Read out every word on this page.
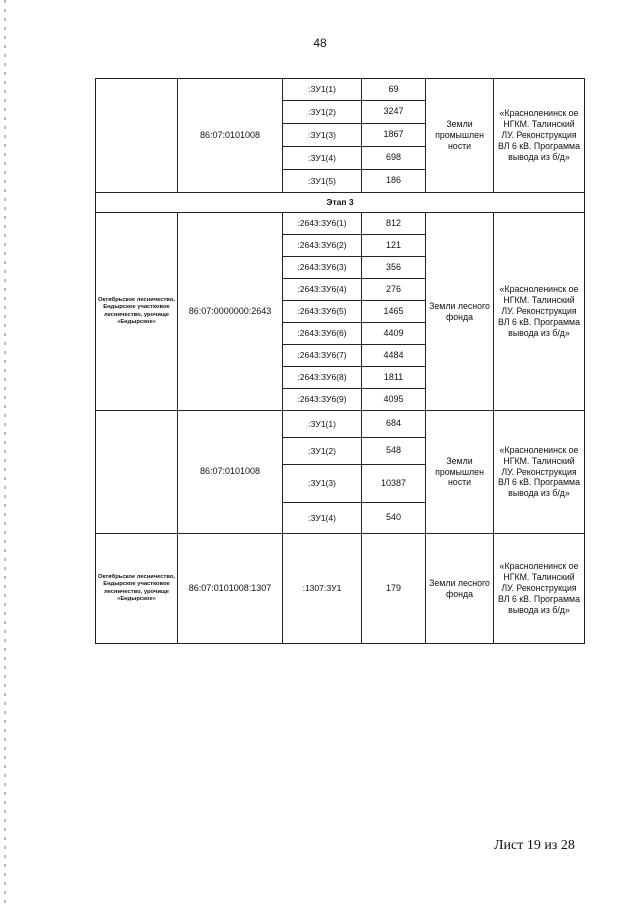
48
	86:07:0101008	:ЗУ1(1)	69	Земли промышлен ности	«Красноленинск ое НГКМ. Талинский ЛУ. Реконструкция ВЛ 6 кВ. Программа вывода из б/д»
		:ЗУ1(2)	3247		
		:ЗУ1(3)	1867		
		:ЗУ1(4)	698		
		:ЗУ1(5)	186		
Этап 3					
Октябрьское лесничество, Ендырское участковое лесничество, урочище «Ендырское»	86:07:0000000:2643	:2643:ЗУ6(1)	812	Земли лесного фонда	«Красноленинск ое НГКМ. Талинский ЛУ. Реконструкция ВЛ 6 кВ. Программа вывода из б/д»
		:2643:ЗУ6(2)	121		
		:2643:ЗУ6(3)	356		
		:2643:ЗУ6(4)	276		
		:2643:ЗУ6(5)	1465		
		:2643:ЗУ6(6)	4409		
		:2643:ЗУ6(7)	4484		
		:2643:ЗУ6(8)	1811		
		:2643:ЗУ6(9)	4095		
	86:07:0101008	:ЗУ1(1)	684	Земли промышлен ности	«Красноленинск ое НГКМ. Талинский ЛУ. Реконструкция ВЛ 6 кВ. Программа вывода из б/д»
		:ЗУ1(2)	548		
		:ЗУ1(3)	10387		
		:ЗУ1(4)	540		
Октябрьское лесничество, Ендырское участковое лесничество, урочище «Ендырское»	86:07:0101008:1307	:1307:ЗУ1	179	Земли лесного фонда	«Красноленинск ое НГКМ. Талинский ЛУ. Реконструкция ВЛ 6 кВ. Программа вывода из б/д»
Лист 19 из 28
